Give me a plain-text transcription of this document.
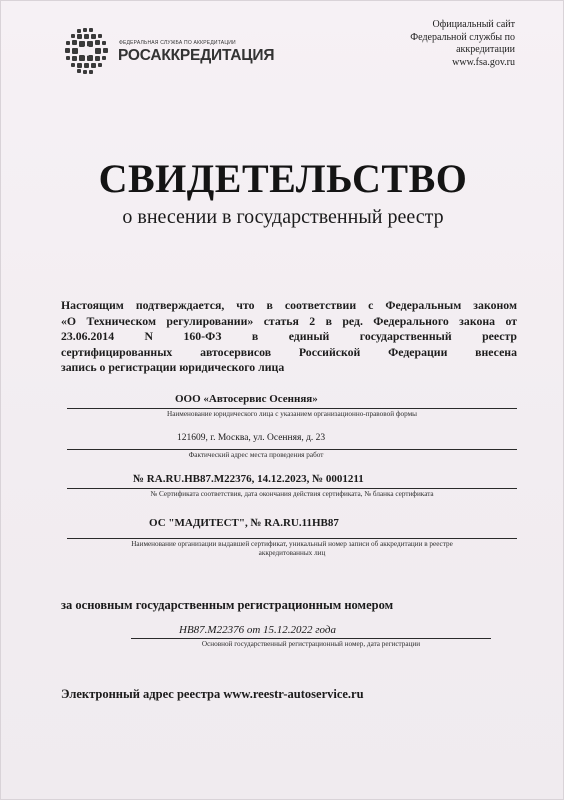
ФЕДЕРАЛЬНАЯ СЛУЖБА ПО АККРЕДИТАЦИИ
РОСАККРЕДИТАЦИЯ
Официальный сайт
Федеральной службы по
аккредитации
www.fsa.gov.ru
СВИДЕТЕЛЬСТВО
о внесении в государственный реестр
Настоящим подтверждается, что в соответствии с Федеральным законом
«О Техническом регулировании» статья 2 в ред. Федерального закона от
23.06.2014    N    160-ФЗ    в    единый    государственный    реестр
сертифицированных автосервисов Российской Федерации внесена
запись о регистрации юридического лица
ООО «Автосервис Осенняя»
Наименование юридического лица с указанием организационно-правовой формы
121609, г. Москва, ул. Осенняя, д. 23
Фактический адрес места проведения работ
№ RA.RU.HB87.M22376, 14.12.2023, № 0001211
№ Сертификата соответствия, дата окончания действия сертификата, № бланка сертификата
ОС "МАДИТЕСТ", № RA.RU.11HB87
Наименование организации выдавшей сертификат, уникальный номер записи об аккредитации в реестре
аккредитованных лиц
за основным государственным регистрационным номером
НВ87.М22376 от 15.12.2022 года
Основной государственный регистрационный номер, дата регистрации
Электронный адрес реестра www.reestr-autoservice.ru
